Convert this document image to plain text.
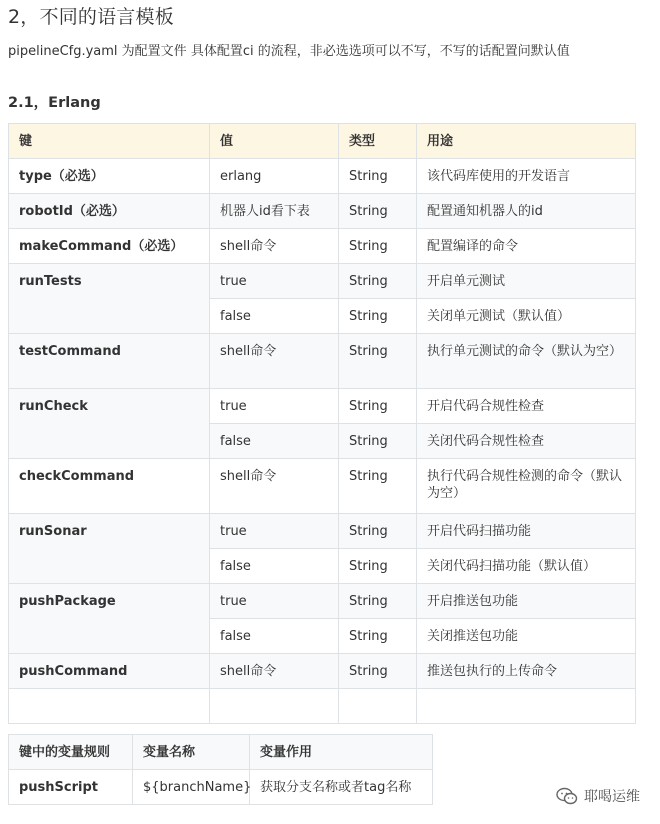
2，不同的语言模板

pipelineCfg.yaml 为配置文件 具体配置ci 的流程，非必选选项可以不写，不写的话配置问默认值

2.1，Erlang
键	值	类型	用途
type（必选）	erlang	String	该代码库使用的开发语言
robotId（必选）	机器人id看下表	String	配置通知机器人的id
makeCommand（必选）	shell命令	String	配置编译的命令
runTests	true	String	开启单元测试
	false	String	关闭单元测试（默认值）
testCommand	shell命令	String	执行单元测试的命令（默认为空）
runCheck	true	String	开启代码合规性检查
	false	String	关闭代码合规性检查
checkCommand	shell命令	String	执行代码合规性检测的命令（默认为空）
runSonar	true	String	开启代码扫描功能
	false	String	关闭代码扫描功能（默认值）
pushPackage	true	String	开启推送包功能
	false	String	关闭推送包功能
pushCommand	shell命令	String	推送包执行的上传命令

键中的变量规则	变量名称	变量作用
pushScript	${branchName}	获取分支名称或者tag名称
耶喝运维
